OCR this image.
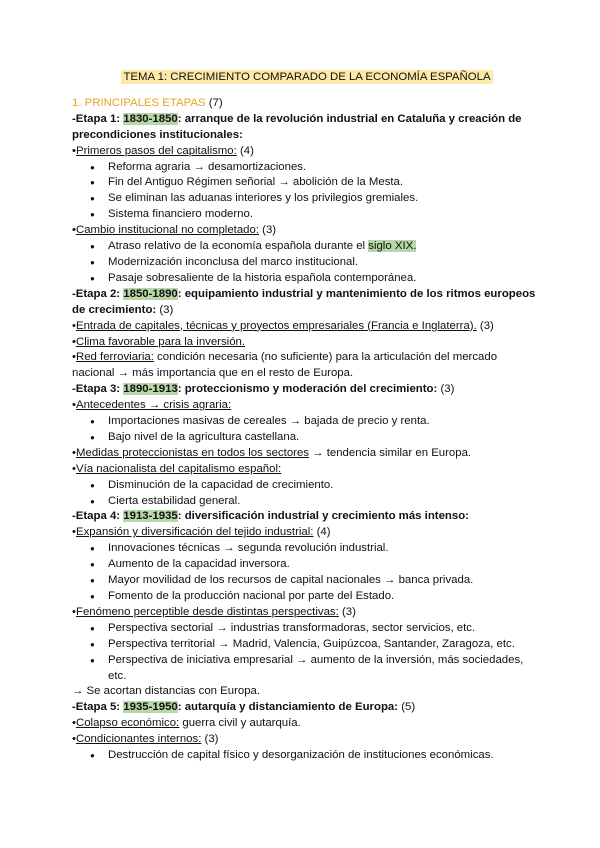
TEMA 1: CRECIMIENTO COMPARADO DE LA ECONOMÍA ESPAÑOLA
1. PRINCIPALES ETAPAS (7)
-Etapa 1: 1830-1850: arranque de la revolución industrial en Cataluña y creación de precondiciones institucionales:
•Primeros pasos del capitalismo: (4)
● Reforma agraria → desamortizaciones.
● Fin del Antiguo Régimen señorial → abolición de la Mesta.
● Se eliminan las aduanas interiores y los privilegios gremiales.
● Sistema financiero moderno.
•Cambio institucional no completado: (3)
● Atraso relativo de la economía española durante el siglo XIX.
● Modernización inconclusa del marco institucional.
● Pasaje sobresaliente de la historia española contemporánea.
-Etapa 2: 1850-1890: equipamiento industrial y mantenimiento de los ritmos europeos de crecimiento: (3)
•Entrada de capitales, técnicas y proyectos empresariales (Francia e Inglaterra). (3)
•Clima favorable para la inversión.
•Red ferroviaria: condición necesaria (no suficiente) para la articulación del mercado nacional → más importancia que en el resto de Europa.
-Etapa 3: 1890-1913: proteccionismo y moderación del crecimiento: (3)
•Antecedentes → crisis agraria:
● Importaciones masivas de cereales → bajada de precio y renta.
● Bajo nivel de la agricultura castellana.
•Medidas proteccionistas en todos los sectores → tendencia similar en Europa.
•Vía nacionalista del capitalismo español:
● Disminución de la capacidad de crecimiento.
● Cierta estabilidad general.
-Etapa 4: 1913-1935: diversificación industrial y crecimiento más intenso:
•Expansión y diversificación del tejido industrial: (4)
● Innovaciones técnicas → segunda revolución industrial.
● Aumento de la capacidad inversora.
● Mayor movilidad de los recursos de capital nacionales → banca privada.
● Fomento de la producción nacional por parte del Estado.
•Fenómeno perceptible desde distintas perspectivas: (3)
● Perspectiva sectorial → industrias transformadoras, sector servicios, etc.
● Perspectiva territorial → Madrid, Valencia, Guipúzcoa, Santander, Zaragoza, etc.
● Perspectiva de iniciativa empresarial → aumento de la inversión, más sociedades, etc.
→ Se acortan distancias con Europa.
-Etapa 5: 1935-1950: autarquía y distanciamiento de Europa: (5)
•Colapso económico: guerra civil y autarquía.
•Condicionantes internos: (3)
● Destrucción de capital físico y desorganización de instituciones económicas.
